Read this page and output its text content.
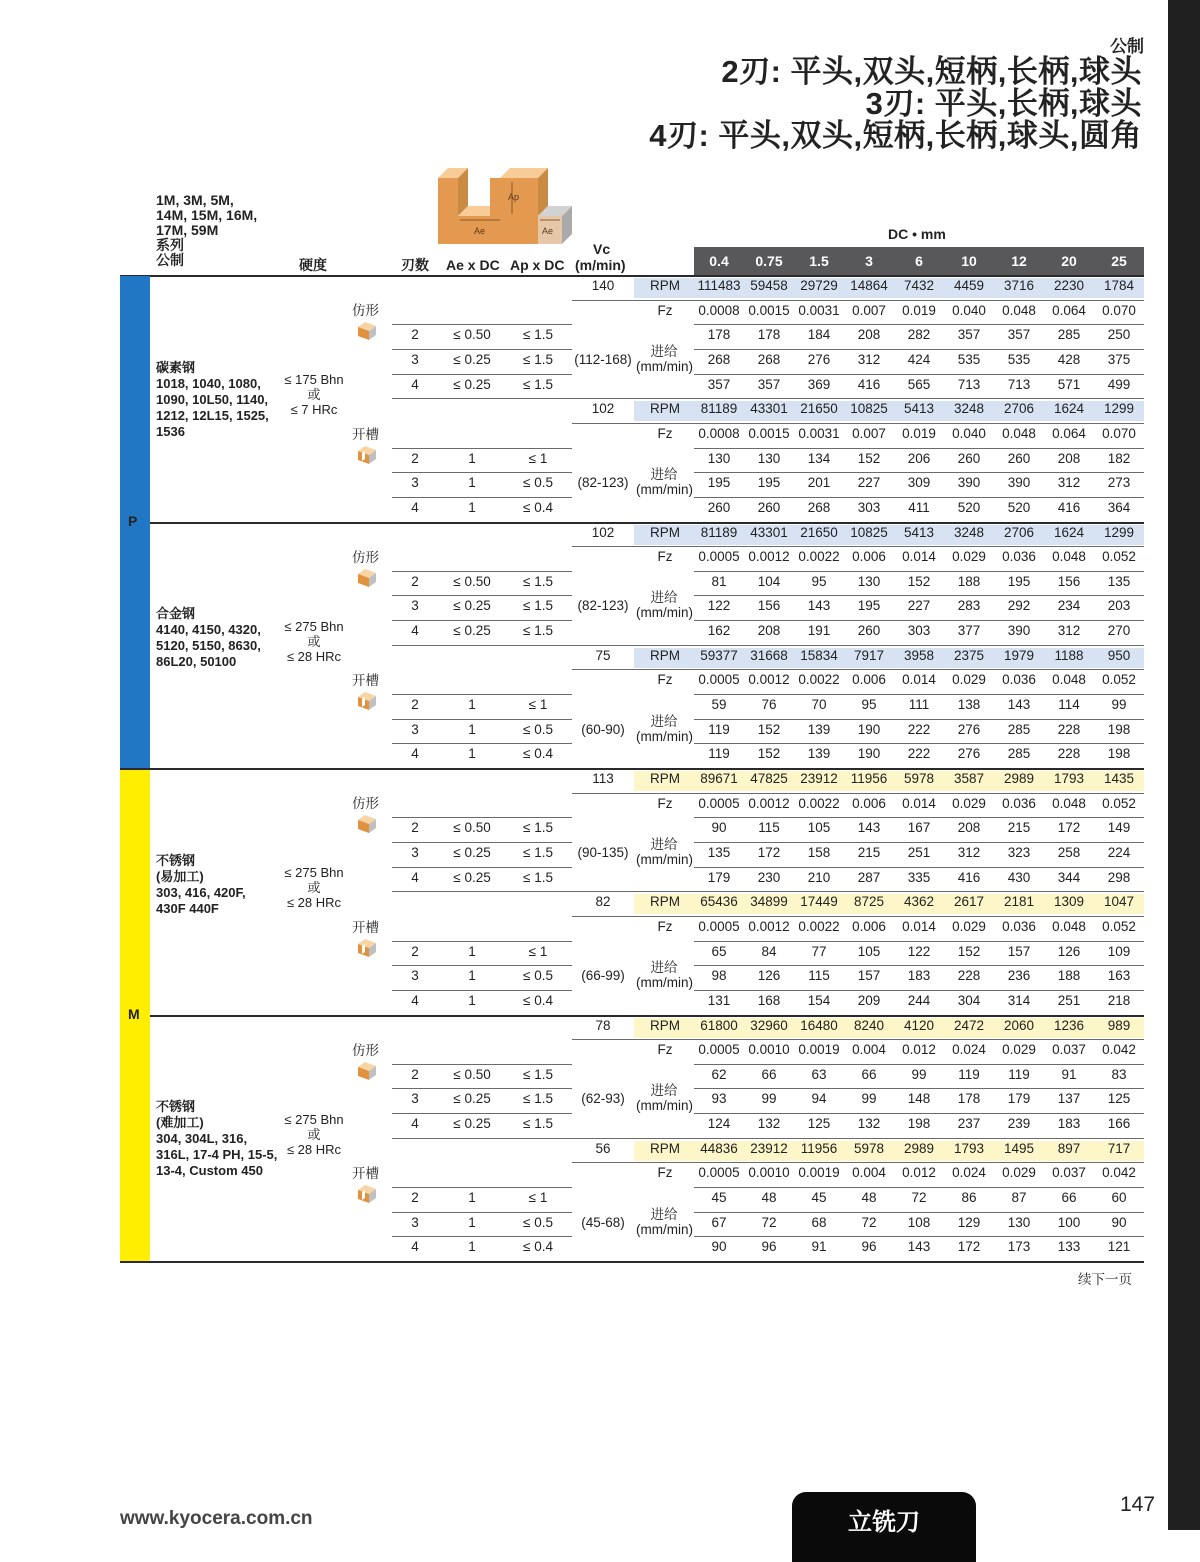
公制
2刃: 平头,双头,短柄,长柄,球头
3刃: 平头,长柄,球头
4刃: 平头,双头,短柄,长柄,球头,圆角
1M, 3M, 5M,
14M, 15M, 16M,
17M, 59M
系列
公制	硬度	刃数 Ae x DC Ap x DC
Vc
(m/min)
Ap
Ae	Ae	DC • mm
0.4	0.75	1.5	3	6	10	12	20	25
碳素钢
1018, 1040, 1080,
1090, 10L50, 1140,
1212, 12L15, 1525,
1536
≤ 175 Bhn
或
≤ 7 HRc
140	RPM	111483 59458 29729 14864	7432	4459	3716	2230	1784
Fz	0.0008 0.0015 0.0031 0.007	0.019	0.040	0.048	0.064	0.070
仿形
2	≤ 0.50	≤ 1.5	178	178	184	208	282	357	357	285	250
3	≤ 0.25	≤ 1.5	268	268	276	312	424	535	535	428	375
4	≤ 0.25	≤ 1.5	357	357	369	416	565	713	713	571	499
(112-168)
进给
(mm/min)
102	RPM	81189 43301 21650 10825	5413	3248	2706	1624	1299
Fz	0.0008 0.0015 0.0031 0.007	0.019	0.040	0.048	0.064	0.070
开槽
2	1	≤ 1	130	130	134	152	206	260	260	208	182
3	1	≤ 0.5	195	195	201	227	309	390	390	312	273
4	1	≤ 0.4	260	260	268	303	411	520	520	416	364
(82-123)
进给
(mm/min)
合金钢
4140, 4150, 4320,
5120, 5150, 8630,
86L20, 50100
≤ 275 Bhn
或
≤ 28 HRc
102	RPM	81189 43301 21650 10825	5413	3248	2706	1624	1299
Fz	0.0005 0.0012 0.0022 0.006	0.014	0.029	0.036	0.048	0.052
仿形
2	≤ 0.50	≤ 1.5	81	104	95	130	152	188	195	156	135
3	≤ 0.25	≤ 1.5	122	156	143	195	227	283	292	234	203
4	≤ 0.25	≤ 1.5	162	208	191	260	303	377	390	312	270
(82-123)
进给
(mm/min)
75	RPM	59377 31668 15834	7917	3958	2375	1979	1188	950
Fz	0.0005 0.0012 0.0022 0.006	0.014	0.029	0.036	0.048	0.052
开槽
2	1	≤ 1	59	76	70	95	111	138	143	114	99
3	1	≤ 0.5	119	152	139	190	222	276	285	228	198
4	1	≤ 0.4	119	152	139	190	222	276	285	228	198
(60-90)
进给
(mm/min)
不锈钢
(易加工)
303, 416, 420F,
430F 440F
≤ 275 Bhn
或
≤ 28 HRc
113	RPM	89671 47825 23912 11956	5978	3587	2989	1793	1435
Fz	0.0005 0.0012 0.0022 0.006	0.014	0.029	0.036	0.048	0.052
仿形
2	≤ 0.50	≤ 1.5	90	115	105	143	167	208	215	172	149
3	≤ 0.25	≤ 1.5	135	172	158	215	251	312	323	258	224
4	≤ 0.25	≤ 1.5	179	230	210	287	335	416	430	344	298
(90-135)
进给
(mm/min)
82	RPM	65436 34899 17449	8725	4362	2617	2181	1309	1047
Fz	0.0005 0.0012 0.0022 0.006	0.014	0.029	0.036	0.048	0.052
开槽
2	1	≤ 1	65	84	77	105	122	152	157	126	109
3	1	≤ 0.5	98	126	115	157	183	228	236	188	163
4	1	≤ 0.4	131	168	154	209	244	304	314	251	218
(66-99)
进给
(mm/min)
不锈钢
(难加工)
304, 304L, 316,
316L, 17-4 PH, 15-5,
13-4, Custom 450
≤ 275 Bhn
或
≤ 28 HRc
78	RPM	61800 32960 16480	8240	4120	2472	2060	1236	989
Fz	0.0005 0.0010 0.0019 0.004	0.012	0.024	0.029	0.037	0.042
仿形
2	≤ 0.50	≤ 1.5	62	66	63	66	99	119	119	91	83
3	≤ 0.25	≤ 1.5	93	99	94	99	148	178	179	137	125
4	≤ 0.25	≤ 1.5	124	132	125	132	198	237	239	183	166
(62-93)
进给
(mm/min)
56	RPM	44836 23912 11956	5978	2989	1793	1495	897	717
Fz	0.0005 0.0010 0.0019 0.004	0.012	0.024	0.029	0.037	0.042
开槽
2	1	≤ 1	45	48	45	48	72	86	87	66	60
3	1	≤ 0.5	67	72	68	72	108	129	130	100	90
4	1	≤ 0.4	90	96	91	96	143	172	173	133	121
(45-68)
进给
(mm/min)
P
M
续下一页
www.kyocera.com.cn	立铣刀
147
